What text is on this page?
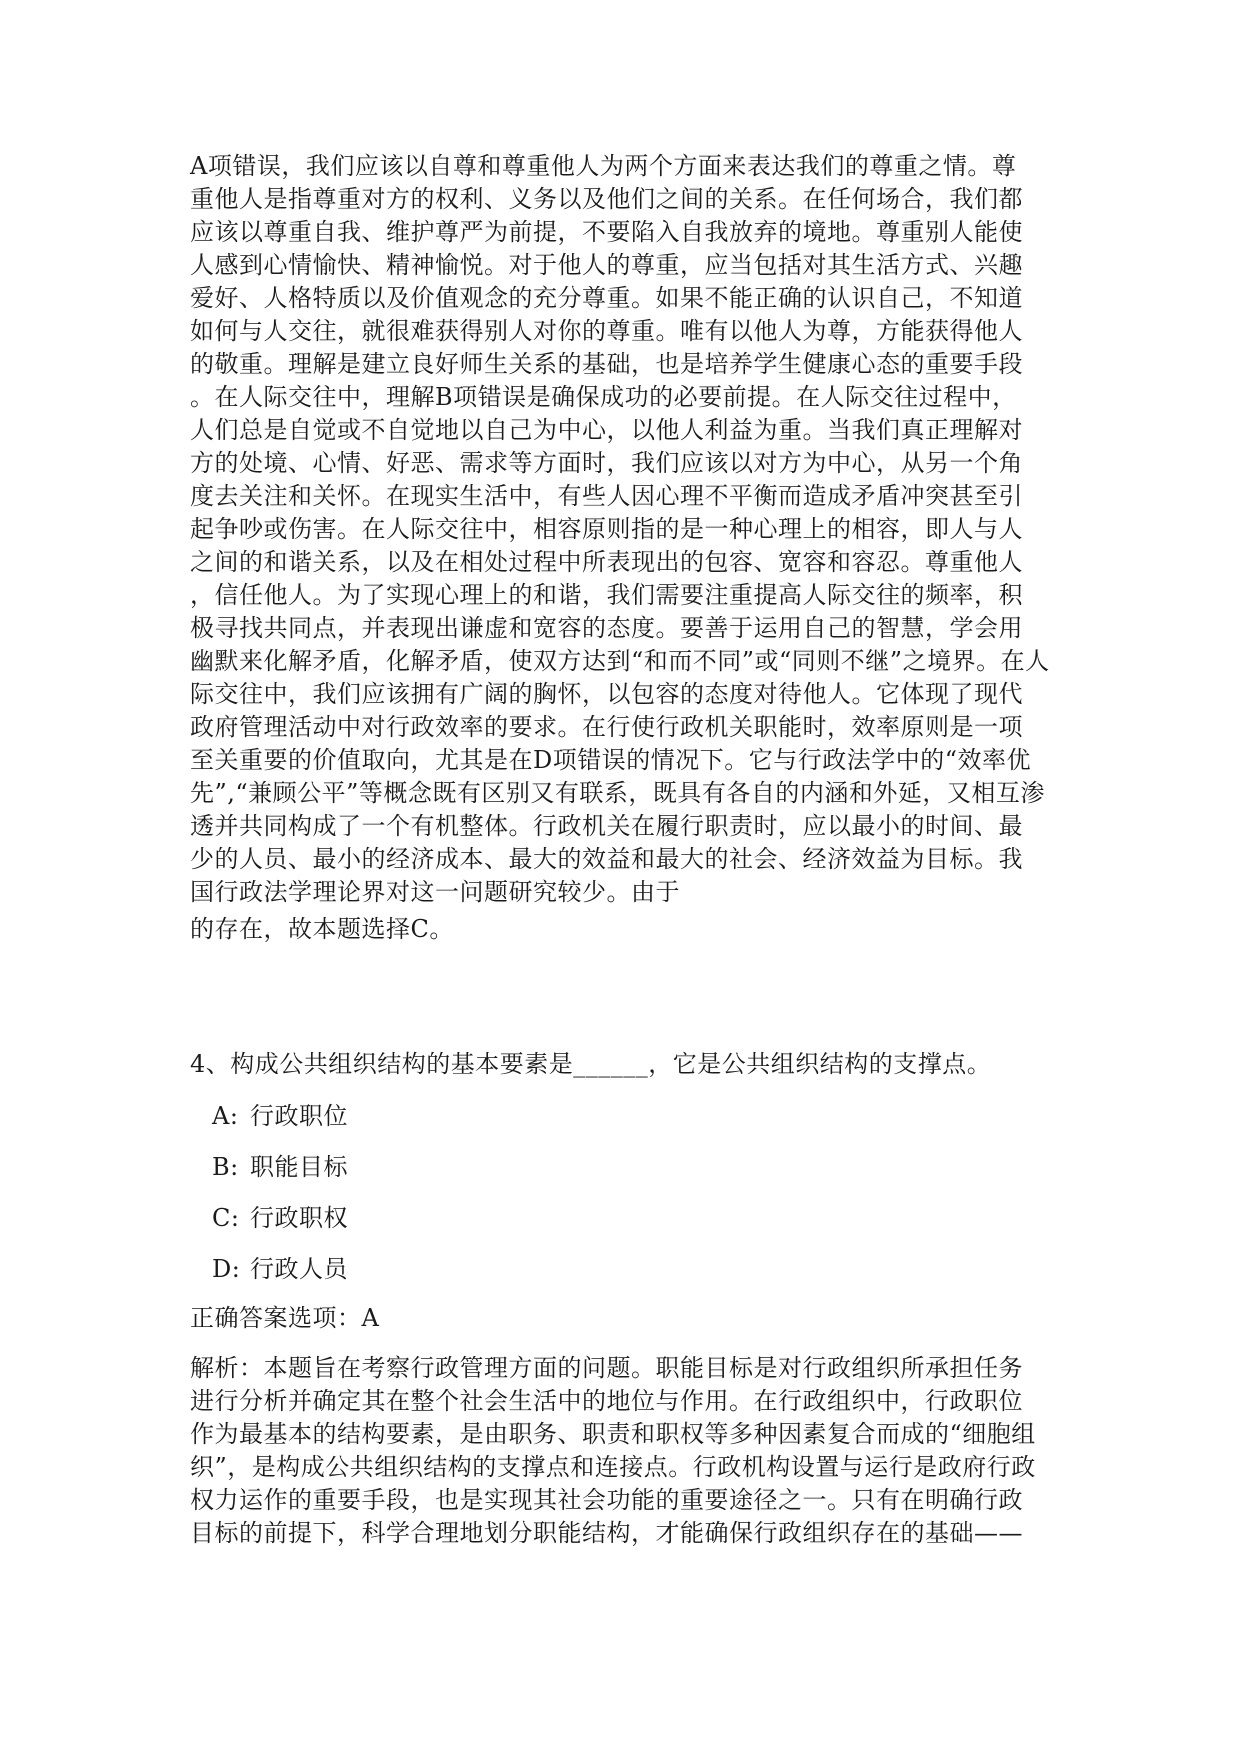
A项错误，我们应该以自尊和尊重他人为两个方面来表达我们的尊重之情。尊
重他人是指尊重对方的权利、义务以及他们之间的关系。在任何场合，我们都
应该以尊重自我、维护尊严为前提，不要陷入自我放弃的境地。尊重别人能使
人感到心情愉快、精神愉悦。对于他人的尊重，应当包括对其生活方式、兴趣
爱好、人格特质以及价值观念的充分尊重。如果不能正确的认识自己，不知道
如何与人交往，就很难获得别人对你的尊重。唯有以他人为尊，方能获得他人
的敬重。理解是建立良好师生关系的基础，也是培养学生健康心态的重要手段
。在人际交往中，理解B项错误是确保成功的必要前提。在人际交往过程中，
人们总是自觉或不自觉地以自己为中心，以他人利益为重。当我们真正理解对
方的处境、心情、好恶、需求等方面时，我们应该以对方为中心，从另一个角
度去关注和关怀。在现实生活中，有些人因心理不平衡而造成矛盾冲突甚至引
起争吵或伤害。在人际交往中，相容原则指的是一种心理上的相容，即人与人
之间的和谐关系，以及在相处过程中所表现出的包容、宽容和容忍。尊重他人
，信任他人。为了实现心理上的和谐，我们需要注重提高人际交往的频率，积
极寻找共同点，并表现出谦虚和宽容的态度。要善于运用自己的智慧，学会用
幽默来化解矛盾，化解矛盾，使双方达到“和而不同”或“同则不继”之境界。在人
际交往中，我们应该拥有广阔的胸怀，以包容的态度对待他人。它体现了现代
政府管理活动中对行政效率的要求。在行使行政机关职能时，效率原则是一项
至关重要的价值取向，尤其是在D项错误的情况下。它与行政法学中的“效率优
先”,“兼顾公平”等概念既有区别又有联系，既具有各自的内涵和外延，又相互渗
透并共同构成了一个有机整体。行政机关在履行职责时，应以最小的时间、最
少的人员、最小的经济成本、最大的效益和最大的社会、经济效益为目标。我
国行政法学理论界对这一问题研究较少。由于
的存在，故本题选择C。
4、构成公共组织结构的基本要素是______，它是公共组织结构的支撑点。
A: 行政职位
B: 职能目标
C: 行政职权
D: 行政人员
正确答案选项：A
解析：本题旨在考察行政管理方面的问题。职能目标是对行政组织所承担任务
进行分析并确定其在整个社会生活中的地位与作用。在行政组织中，行政职位
作为最基本的结构要素，是由职务、职责和职权等多种因素复合而成的“细胞组
织”，是构成公共组织结构的支撑点和连接点。行政机构设置与运行是政府行政
权力运作的重要手段，也是实现其社会功能的重要途径之一。只有在明确行政
目标的前提下，科学合理地划分职能结构，才能确保行政组织存在的基础——
